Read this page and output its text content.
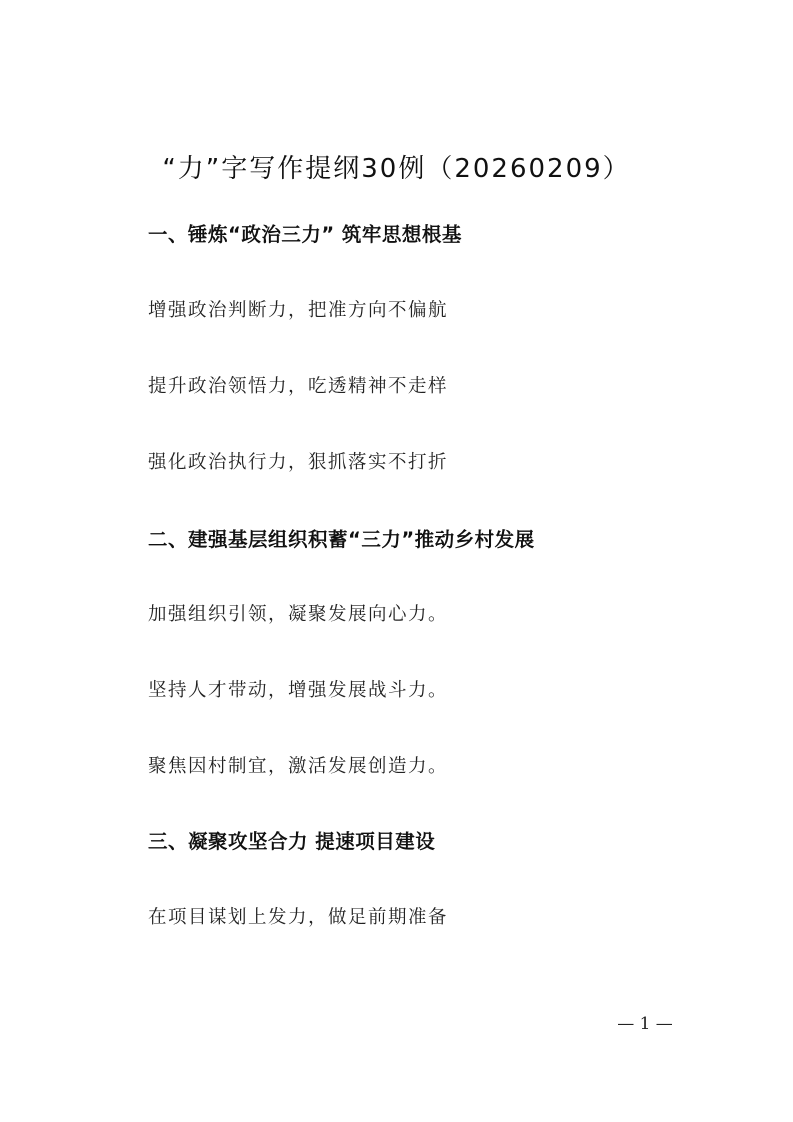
“力”字写作提纲30例（20260209）
一、锤炼“政治三力” 筑牢思想根基
增强政治判断力，把准方向不偏航
提升政治领悟力，吃透精神不走样
强化政治执行力，狠抓落实不打折
二、建强基层组织积蓄“三力”推动乡村发展
加强组织引领，凝聚发展向心力。
坚持人才带动，增强发展战斗力。
聚焦因村制宜，激活发展创造力。
三、凝聚攻坚合力 提速项目建设
在项目谋划上发力，做足前期准备
— 1 —
